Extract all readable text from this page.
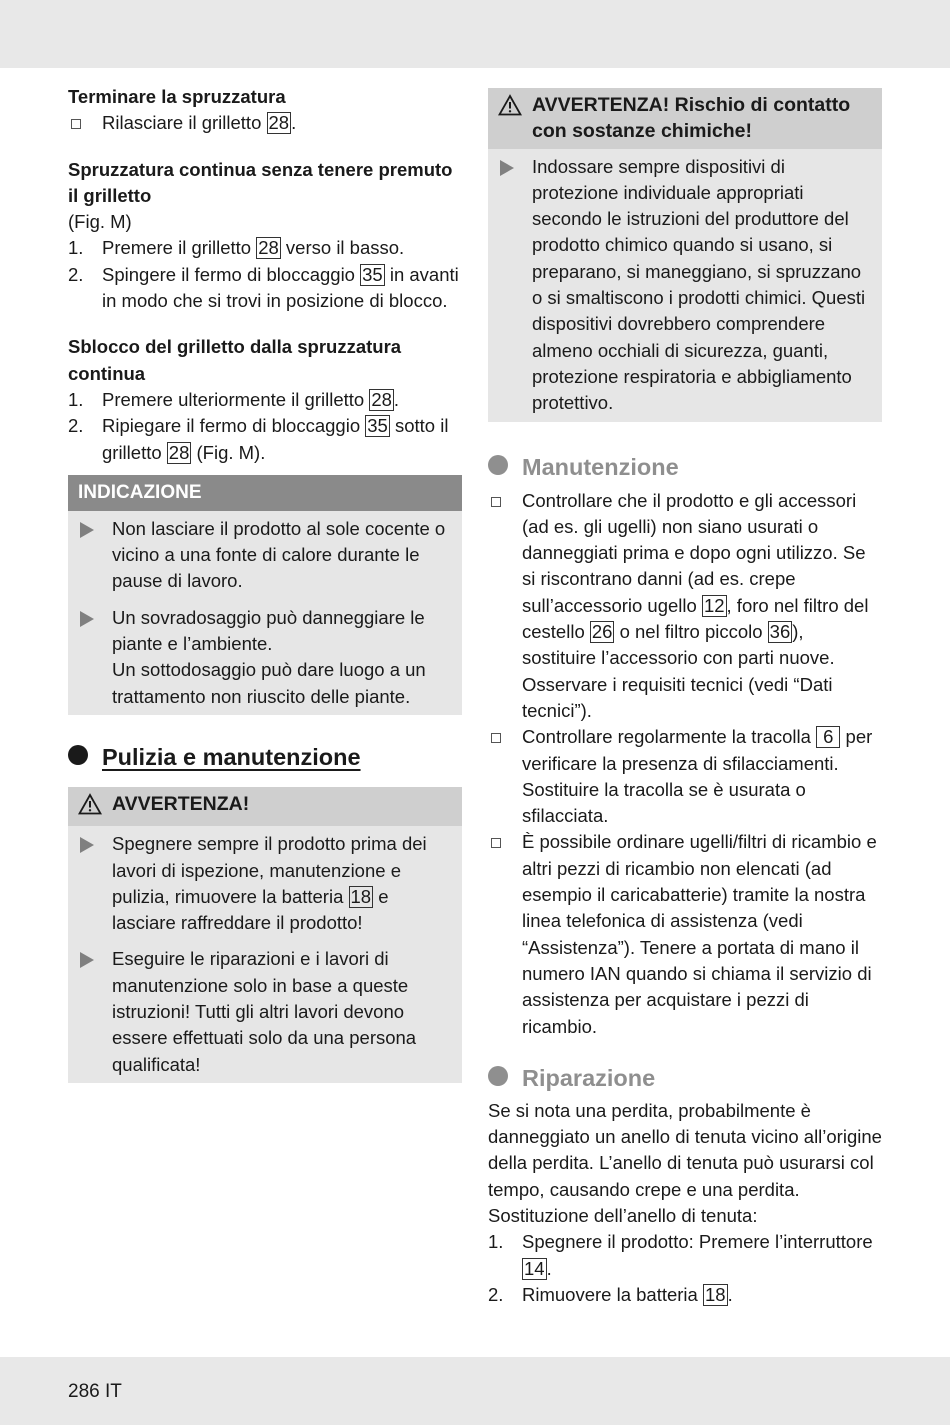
Terminare la spruzzatura

Rilasciare il grilletto 28 .

Spruzzatura continua senza tenere premuto il grilletto

(Fig. M)

1.	Premere il grilletto 28 verso il basso.
2.	Spingere il fermo di bloccaggio 35 in avanti in modo che si trovi in posizione di blocco.

Sblocco del grilletto dalla spruzzatura continua

1.	Premere ulteriormente il grilletto 28 .
2.	Ripiegare il fermo di bloccaggio 35 sotto il grilletto 28 (Fig. M).
INDICAZIONE
Non lasciare il prodotto al sole cocente o vicino a una fonte di calore durante le pause di lavoro.
Un sovradosaggio può danneggiare le piante e l’ambiente.
Un sottodosaggio può dare luogo a un trattamento non riuscito delle piante.
Pulizia e manutenzione
AVVERTENZA!
Spegnere sempre il prodotto prima dei lavori di ispezione, manutenzione e pulizia, rimuovere la batteria 18 e lasciare raffreddare il prodotto!
Eseguire le riparazioni e i lavori di manutenzione solo in base a queste istruzioni! Tutti gli altri lavori devono essere effettuati solo da una persona qualificata!
AVVERTENZA! Rischio di contatto con sostanze chimiche!
Indossare sempre dispositivi di protezione individuale appropriati secondo le istruzioni del produttore del prodotto chimico quando si usano, si preparano, si maneggiano, si spruzzano o si smaltiscono i prodotti chimici. Questi dispositivi dovrebbero comprendere almeno occhiali di sicurezza, guanti, protezione respiratoria e abbigliamento protettivo.
Manutenzione
Controllare che il prodotto e gli accessori (ad es. gli ugelli) non siano usurati o danneggiati prima e dopo ogni utilizzo. Se si riscontrano danni (ad es. crepe sull’accessorio ugello 12 , foro nel filtro del cestello 26 o nel filtro piccolo 36 ), sostituire l’accessorio con parti nuove. Osservare i requisiti tecnici (vedi “Dati tecnici”).
Controllare regolarmente la tracolla 6 per verificare la presenza di sfilacciamenti. Sostituire la tracolla se è usurata o sfilacciata.
È possibile ordinare ugelli/filtri di ricambio e altri pezzi di ricambio non elencati (ad esempio il caricabatterie) tramite la nostra linea telefonica di assistenza (vedi “Assistenza”). Tenere a portata di mano il numero IAN quando si chiama il servizio di assistenza per acquistare i pezzi di ricambio.
Riparazione

Se si nota una perdita, probabilmente è danneggiato un anello di tenuta vicino all’origine della perdita. L’anello di tenuta può usurarsi col tempo, causando crepe e una perdita. Sostituzione dell’anello di tenuta:

1.	Spegnere il prodotto: Premere l’interruttore 14 .
2.	Rimuovere la batteria 18 .
286 IT
